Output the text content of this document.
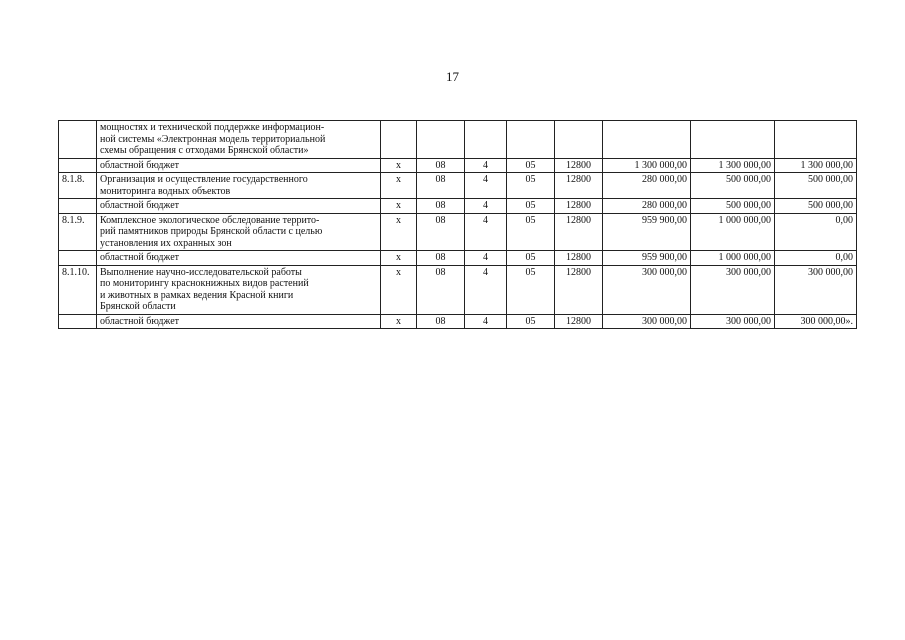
17

	мощностях и технической поддержке информацион-
ной системы «Электронная модель территориальной
схемы обращения с отходами Брянской области»								

	областной бюджет	х	08	4	05	12800	1 300 000,00	1 300 000,00	1 300 000,00
8.1.8.	Организация и осуществление государственного
мониторинга водных объектов	х	08	4	05	12800	280 000,00	500 000,00	500 000,00

	областной бюджет	х	08	4	05	12800	280 000,00	500 000,00	500 000,00
8.1.9.	Комплексное экологическое обследование террито-
рий памятников природы Брянской области с целью
установления их охранных зон	х	08	4	05	12800	959 900,00	1 000 000,00	0,00

	областной бюджет	х	08	4	05	12800	959 900,00	1 000 000,00	0,00
8.1.10.	Выполнение научно-исследовательской работы
по мониторингу краснокнижных видов растений
и животных в рамках ведения Красной книги
Брянской области	х	08	4	05	12800	300 000,00	300 000,00	300 000,00

	областной бюджет	х	08	4	05	12800	300 000,00	300 000,00	300 000,00».
